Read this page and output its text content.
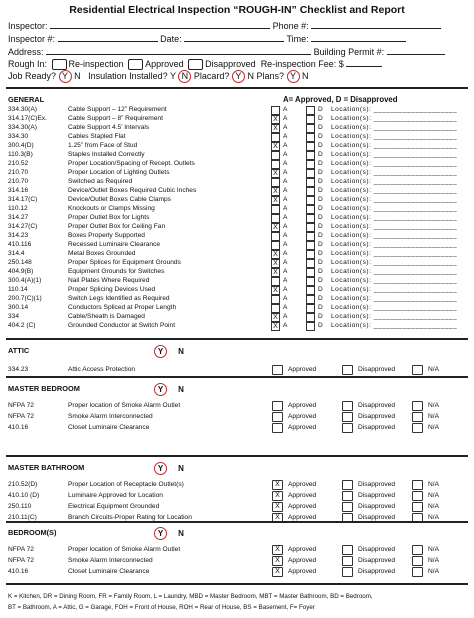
Residential Electrical Inspection “ROUGH-IN” Checklist and Report
Inspector:	Phone #:
Inspector #:	Date:	Time:
Address:	Building Permit #:
Rough In: Re-inspection Approved Disapproved Re-inspection Fee: $
Job Ready? Y N Insulation Installed? Y N Placard? Y N Plans? Y N
GENERAL	A= Approved, D = Disapproved
334.30(A)	Cable Support – 12” Requirement	A	D Location(s): ____________________
314.17(C)Ex.	Cable Support – 8” Requirement	X A	D Location(s): ____________________
334.30(A)	Cable Support 4.5’ Intervals	X A	D Location(s): ____________________
334.30	Cables Stapled Flat	A	D Location(s): ____________________
300.4(D)	1.25” from Face of Stud	X A	D Location(s): ____________________
110.3(B)	Staples Installed Correctly	A	D Location(s): ____________________
210.52	Proper Location/Spacing of Recept. Outlets	A	D Location(s): ____________________
210.70	Proper Location of Lighting Outlets	X A	D Location(s): ____________________
210.70	Switched as Required	A	D Location(s): ____________________
314.16	Device/Outlet Boxes Required Cubic Inches	X A	D Location(s): ____________________
314.17(C)	Device/Outlet Boxes Cable Clamps	X A	D Location(s): ____________________
110.12	Knockouts or Clamps Missing	A	D Location(s): ____________________
314.27	Proper Outlet Box for Lights	A	D Location(s): ____________________
314.27(C)	Proper Outlet Box for Ceiling Fan	X A	D Location(s): ____________________
314.23	Boxes Properly Supported	A	D Location(s): ____________________
410.116	Recessed Luminaire Clearance	A	D Location(s): ____________________
314.4	Metal Boxes Grounded	X A	D Location(s): ____________________
250.148	Proper Splices for Equipment Grounds	X A	D Location(s): ____________________
404.9(B)	Equipment Grounds for Switches	X A	D Location(s): ____________________
300.4(A)(1)	Nail Plates Where Required	A	D Location(s): ____________________
110.14	Proper Splicing Devices Used	X A	D Location(s): ____________________
200.7(C)(1)	Switch Legs Identified as Required	A	D Location(s): ____________________
300.14	Conductors Spliced at Proper Length	A	D Location(s): ____________________
334	Cable/Sheath is Damaged	X A	D Location(s): ____________________
404.2 (C)	Grounded Conductor at Switch Point	X A	D Location(s): ____________________
ATTIC	Y N
334.23	Attic Access Protection	Approved	Disapproved	N/A
MASTER BEDROOM	Y N
NFPA 72	Proper location of Smoke Alarm Outlet	Approved	Disapproved	N/A
NFPA 72	Smoke Alarm Interconnected	Approved	Disapproved	N/A
410.16	Closet Luminaire Clearance	Approved	Disapproved	N/A
MASTER BATHROOM	Y N
210.52(D)	Proper Location of Receptacle Outlet(s)	X	Approved	Disapproved	N/A
410.10 (D)	Luminaire Approved for Location	X	Approved	Disapproved	N/A
250.110	Electrical Equipment Grounded	X	Approved	Disapproved	N/A
210.11(C)	Branch Circuits-Proper Rating for Location	X	Approved	Disapproved	N/A
BEDROOM(S)	Y N
NFPA 72	Proper location of Smoke Alarm Outlet	X	Approved	Disapproved	N/A
NFPA 72	Smoke Alarm Interconnected	X	Approved	Disapproved	N/A
410.16	Closet Luminaire Clearance	X	Approved	Disapproved	N/A
K = Kitchen, DR = Dining Room, FR = Family Room, L = Laundry, MBD = Master Bedroom, MBT = Master Bathroom, BD = Bedroom,
BT = Bathroom, A = Attic, G = Garage, FOH = Front of House, ROH = Rear of House, BS = Basement, F= Foyer
